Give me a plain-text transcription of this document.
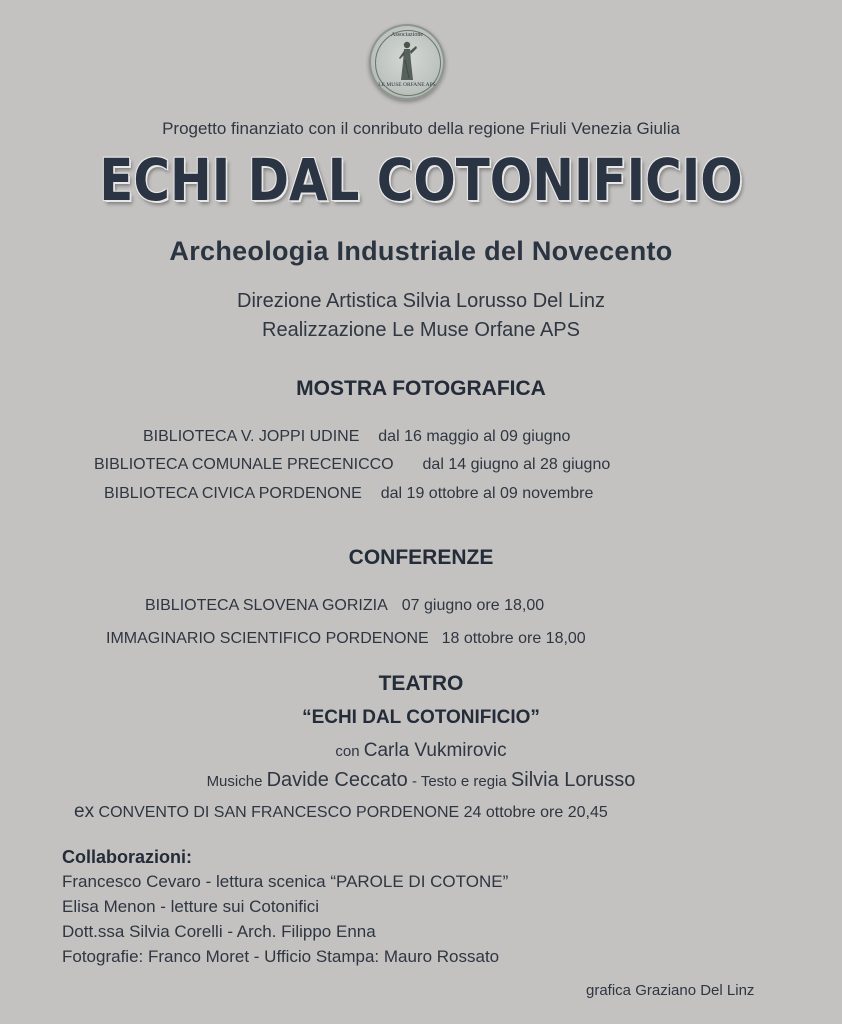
Associazione
LE MUSE ORFANE APS
Progetto finanziato con il conributo della regione Friuli Venezia Giulia
ECHI DAL COTONIFICIO
Archeologia Industriale del Novecento
Direzione Artistica Silvia Lorusso Del Linz
Realizzazione Le Muse Orfane APS
MOSTRA FOTOGRAFICA
BIBLIOTECA V. JOPPI UDINE dal 16 maggio al 09 giugno
BIBLIOTECA COMUNALE PRECENICCO dal 14 giugno al 28 giugno
BIBLIOTECA CIVICA PORDENONE dal 19 ottobre al 09 novembre
CONFERENZE
BIBLIOTECA SLOVENA GORIZIA 07 giugno ore 18,00
IMMAGINARIO SCIENTIFICO PORDENONE 18 ottobre ore 18,00
TEATRO
“ECHI DAL COTONIFICIO”
con Carla Vukmirovic
Musiche Davide Ceccato - Testo e regia Silvia Lorusso
ex CONVENTO DI SAN FRANCESCO PORDENONE 24 ottobre ore 20,45
Collaborazioni:
Francesco Cevaro - lettura scenica “PAROLE DI COTONE”
Elisa Menon - letture sui Cotonifici
Dott.ssa Silvia Corelli - Arch. Filippo Enna
Fotografie: Franco Moret - Ufficio Stampa: Mauro Rossato
grafica Graziano Del Linz
